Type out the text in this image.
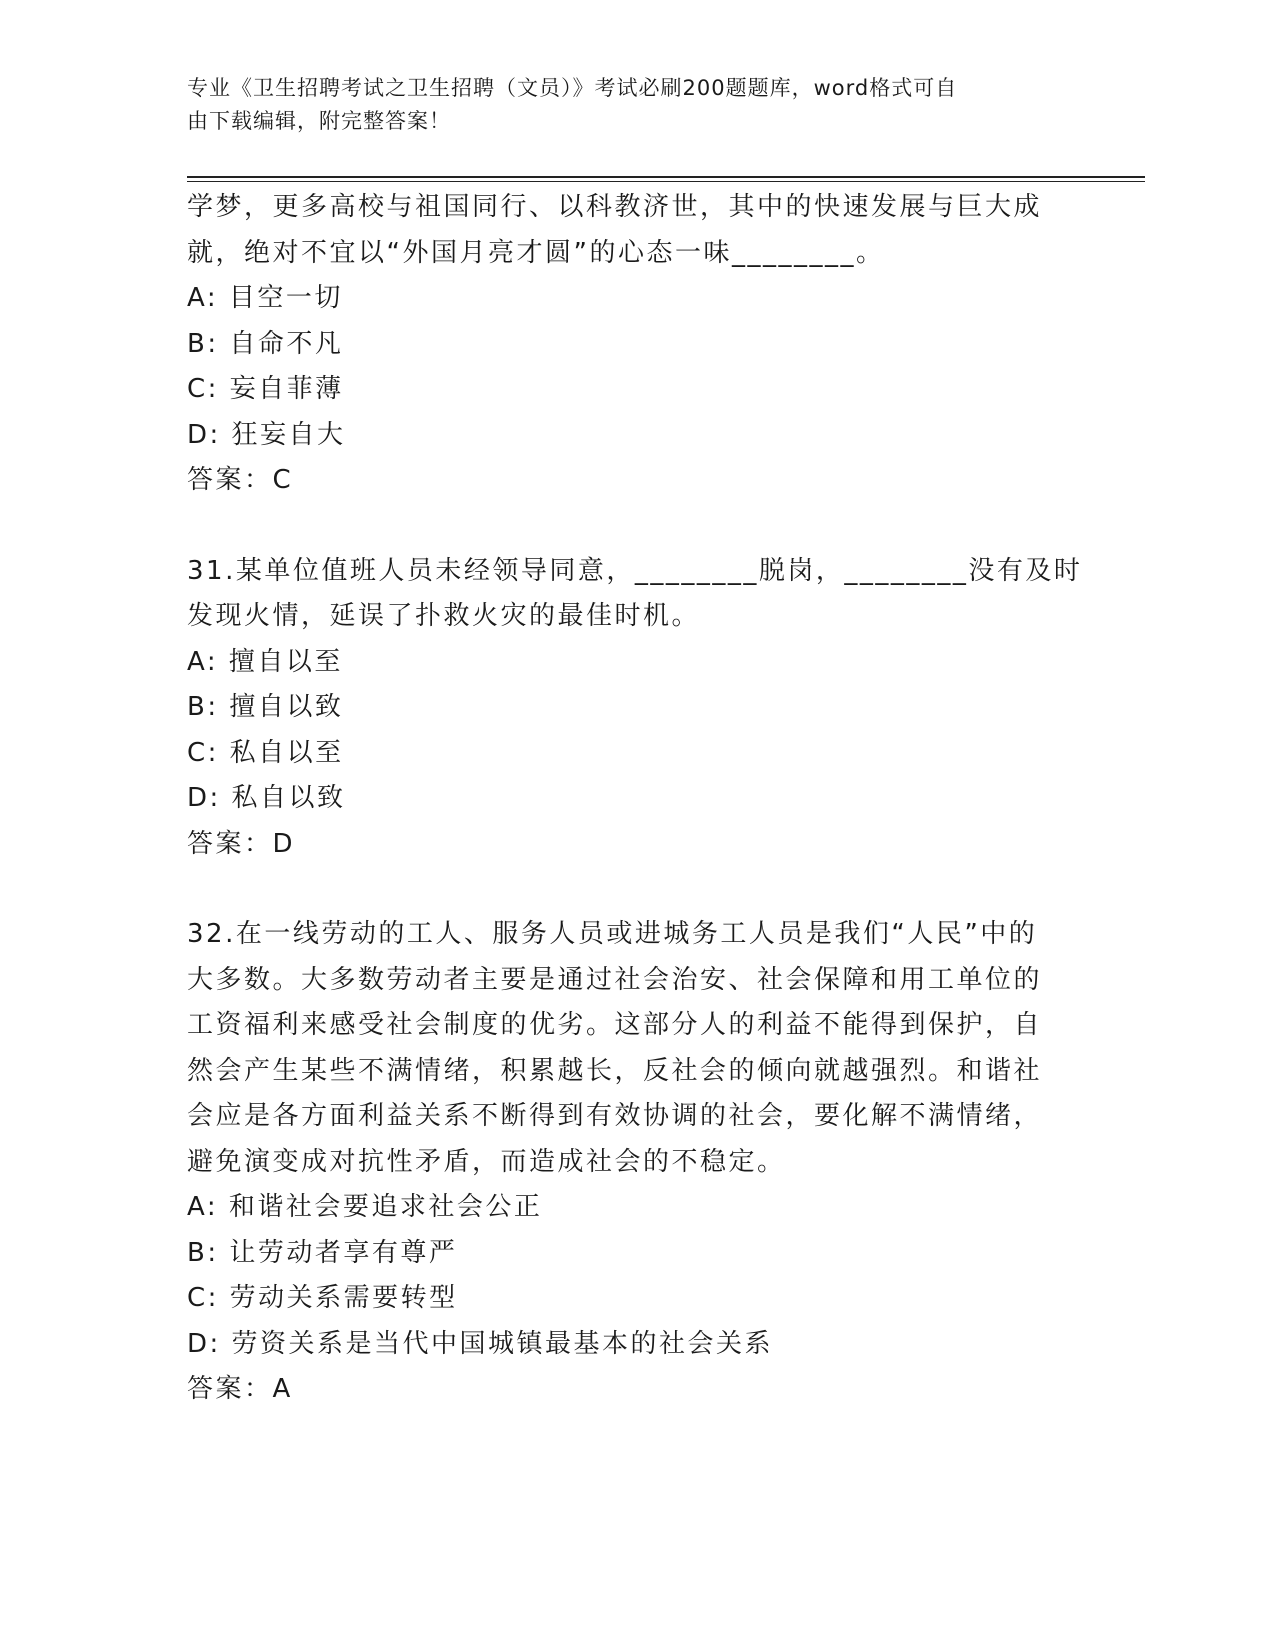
专业《卫生招聘考试之卫生招聘（文员）》考试必刷200题题库，word格式可自
由下载编辑，附完整答案！
学梦，更多高校与祖国同行、以科教济世，其中的快速发展与巨大成
就，绝对不宜以“外国月亮才圆”的心态一味________。
A: 目空一切
B: 自命不凡
C: 妄自菲薄
D: 狂妄自大
答案：C
31.某单位值班人员未经领导同意，________脱岗，________没有及时
发现火情，延误了扑救火灾的最佳时机。
A: 擅自以至
B: 擅自以致
C: 私自以至
D: 私自以致
答案：D
32.在一线劳动的工人、服务人员或进城务工人员是我们“人民”中的
大多数。大多数劳动者主要是通过社会治安、社会保障和用工单位的
工资福利来感受社会制度的优劣。这部分人的利益不能得到保护，自
然会产生某些不满情绪，积累越长，反社会的倾向就越强烈。和谐社
会应是各方面利益关系不断得到有效协调的社会，要化解不满情绪，
避免演变成对抗性矛盾，而造成社会的不稳定。
A: 和谐社会要追求社会公正
B: 让劳动者享有尊严
C: 劳动关系需要转型
D: 劳资关系是当代中国城镇最基本的社会关系
答案：A
